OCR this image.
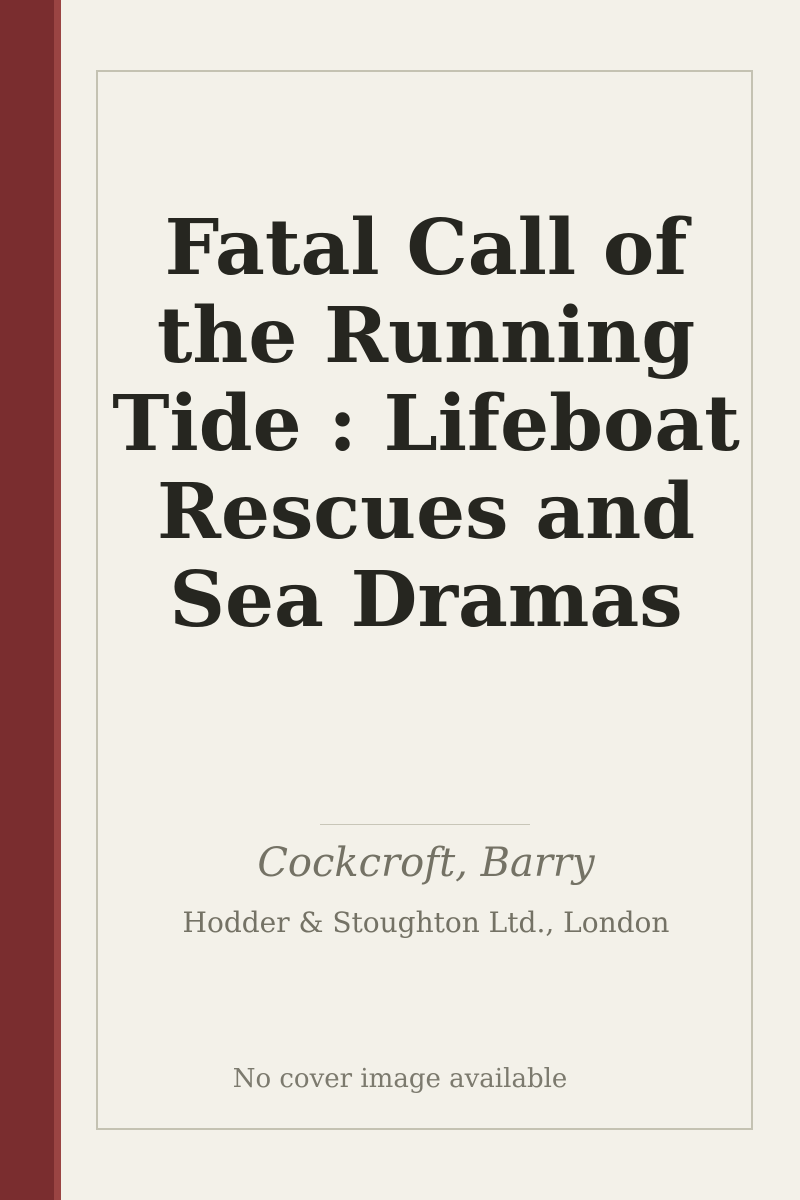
Fatal Call of the Running Tide : Lifeboat Rescues and Sea Dramas
Cockcroft, Barry
Hodder & Stoughton Ltd., London
No cover image available
